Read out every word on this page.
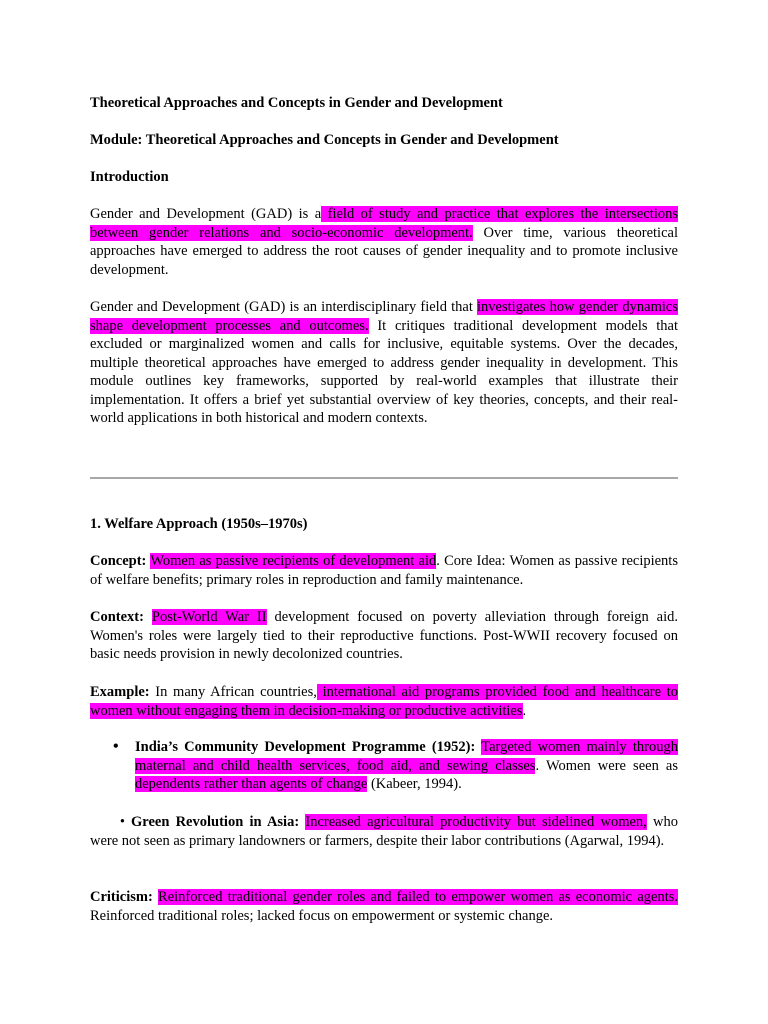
Theoretical Approaches and Concepts in Gender and Development

Module: Theoretical Approaches and Concepts in Gender and Development

Introduction

Gender and Development (GAD) is a field of study and practice that explores the intersections between gender relations and socio-economic development. Over time, various theoretical approaches have emerged to address the root causes of gender inequality and to promote inclusive development.

Gender and Development (GAD) is an interdisciplinary field that investigates how gender dynamics shape development processes and outcomes. It critiques traditional development models that excluded or marginalized women and calls for inclusive, equitable systems. Over the decades, multiple theoretical approaches have emerged to address gender inequality in development. This module outlines key frameworks, supported by real-world examples that illustrate their implementation. It offers a brief yet substantial overview of key theories, concepts, and their real-world applications in both historical and modern contexts.

1. Welfare Approach (1950s–1970s)

Concept: Women as passive recipients of development aid. Core Idea: Women as passive recipients of welfare benefits; primary roles in reproduction and family maintenance.

Context: Post-World War II development focused on poverty alleviation through foreign aid. Women's roles were largely tied to their reproductive functions. Post-WWII recovery focused on basic needs provision in newly decolonized countries.

Example: In many African countries, international aid programs provided food and healthcare to women without engaging them in decision-making or productive activities.

• India’s Community Development Programme (1952): Targeted women mainly through maternal and child health services, food aid, and sewing classes. Women were seen as dependents rather than agents of change (Kabeer, 1994).

• Green Revolution in Asia: Increased agricultural productivity but sidelined women, who were not seen as primary landowners or farmers, despite their labor contributions (Agarwal, 1994).

Criticism: Reinforced traditional gender roles and failed to empower women as economic agents. Reinforced traditional roles; lacked focus on empowerment or systemic change.
